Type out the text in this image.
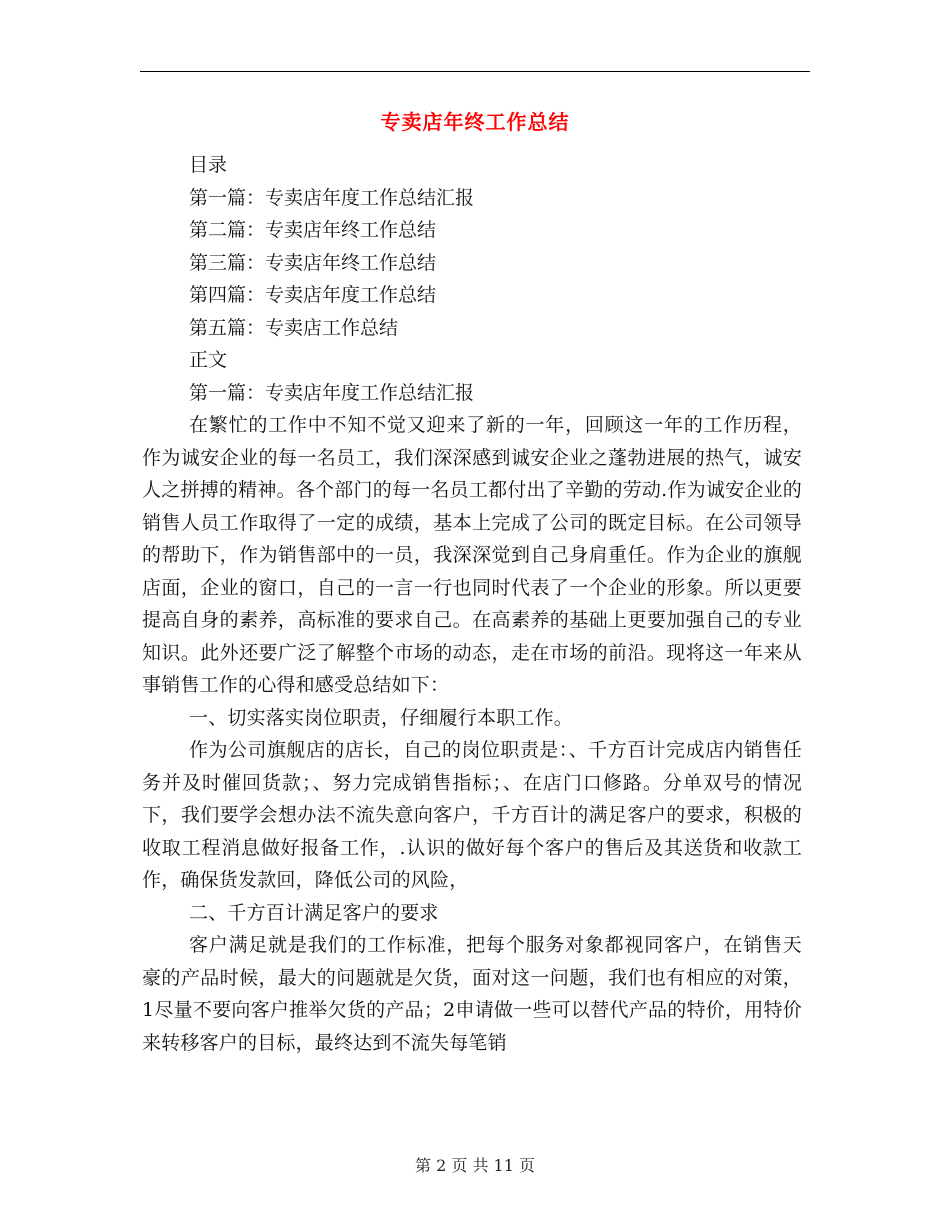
专卖店年终工作总结

目录

第一篇：专卖店年度工作总结汇报

第二篇：专卖店年终工作总结

第三篇：专卖店年终工作总结

第四篇：专卖店年度工作总结

第五篇：专卖店工作总结

正文

第一篇：专卖店年度工作总结汇报

在繁忙的工作中不知不觉又迎来了新的一年，回顾这一年的工作历程，作为诚安企业的每一名员工，我们深深感到诚安企业之蓬勃进展的热气，诚安人之拼搏的精神。各个部门的每一名员工都付出了辛勤的劳动.作为诚安企业的销售人员工作取得了一定的成绩，基本上完成了公司的既定目标。在公司领导的帮助下，作为销售部中的一员，我深深觉到自己身肩重任。作为企业的旗舰店面，企业的窗口，自己的一言一行也同时代表了一个企业的形象。所以更要提高自身的素养，高标准的要求自己。在高素养的基础上更要加强自己的专业知识。此外还要广泛了解整个市场的动态，走在市场的前沿。现将这一年来从事销售工作的心得和感受总结如下：

一、切实落实岗位职责，仔细履行本职工作。

作为公司旗舰店的店长，自己的岗位职责是：、千方百计完成店内销售任务并及时催回货款；、努力完成销售指标；、在店门口修路。分单双号的情况下，我们要学会想办法不流失意向客户，千方百计的满足客户的要求，积极的收取工程消息做好报备工作，.认识的做好每个客户的售后及其送货和收款工作，确保货发款回，降低公司的风险，

二、千方百计满足客户的要求

客户满足就是我们的工作标准，把每个服务对象都视同客户，在销售天豪的产品时候，最大的问题就是欠货，面对这一问题，我们也有相应的对策，1尽量不要向客户推举欠货的产品；2申请做一些可以替代产品的特价，用特价来转移客户的目标，最终达到不流失每笔销

第 2 页 共 11 页
